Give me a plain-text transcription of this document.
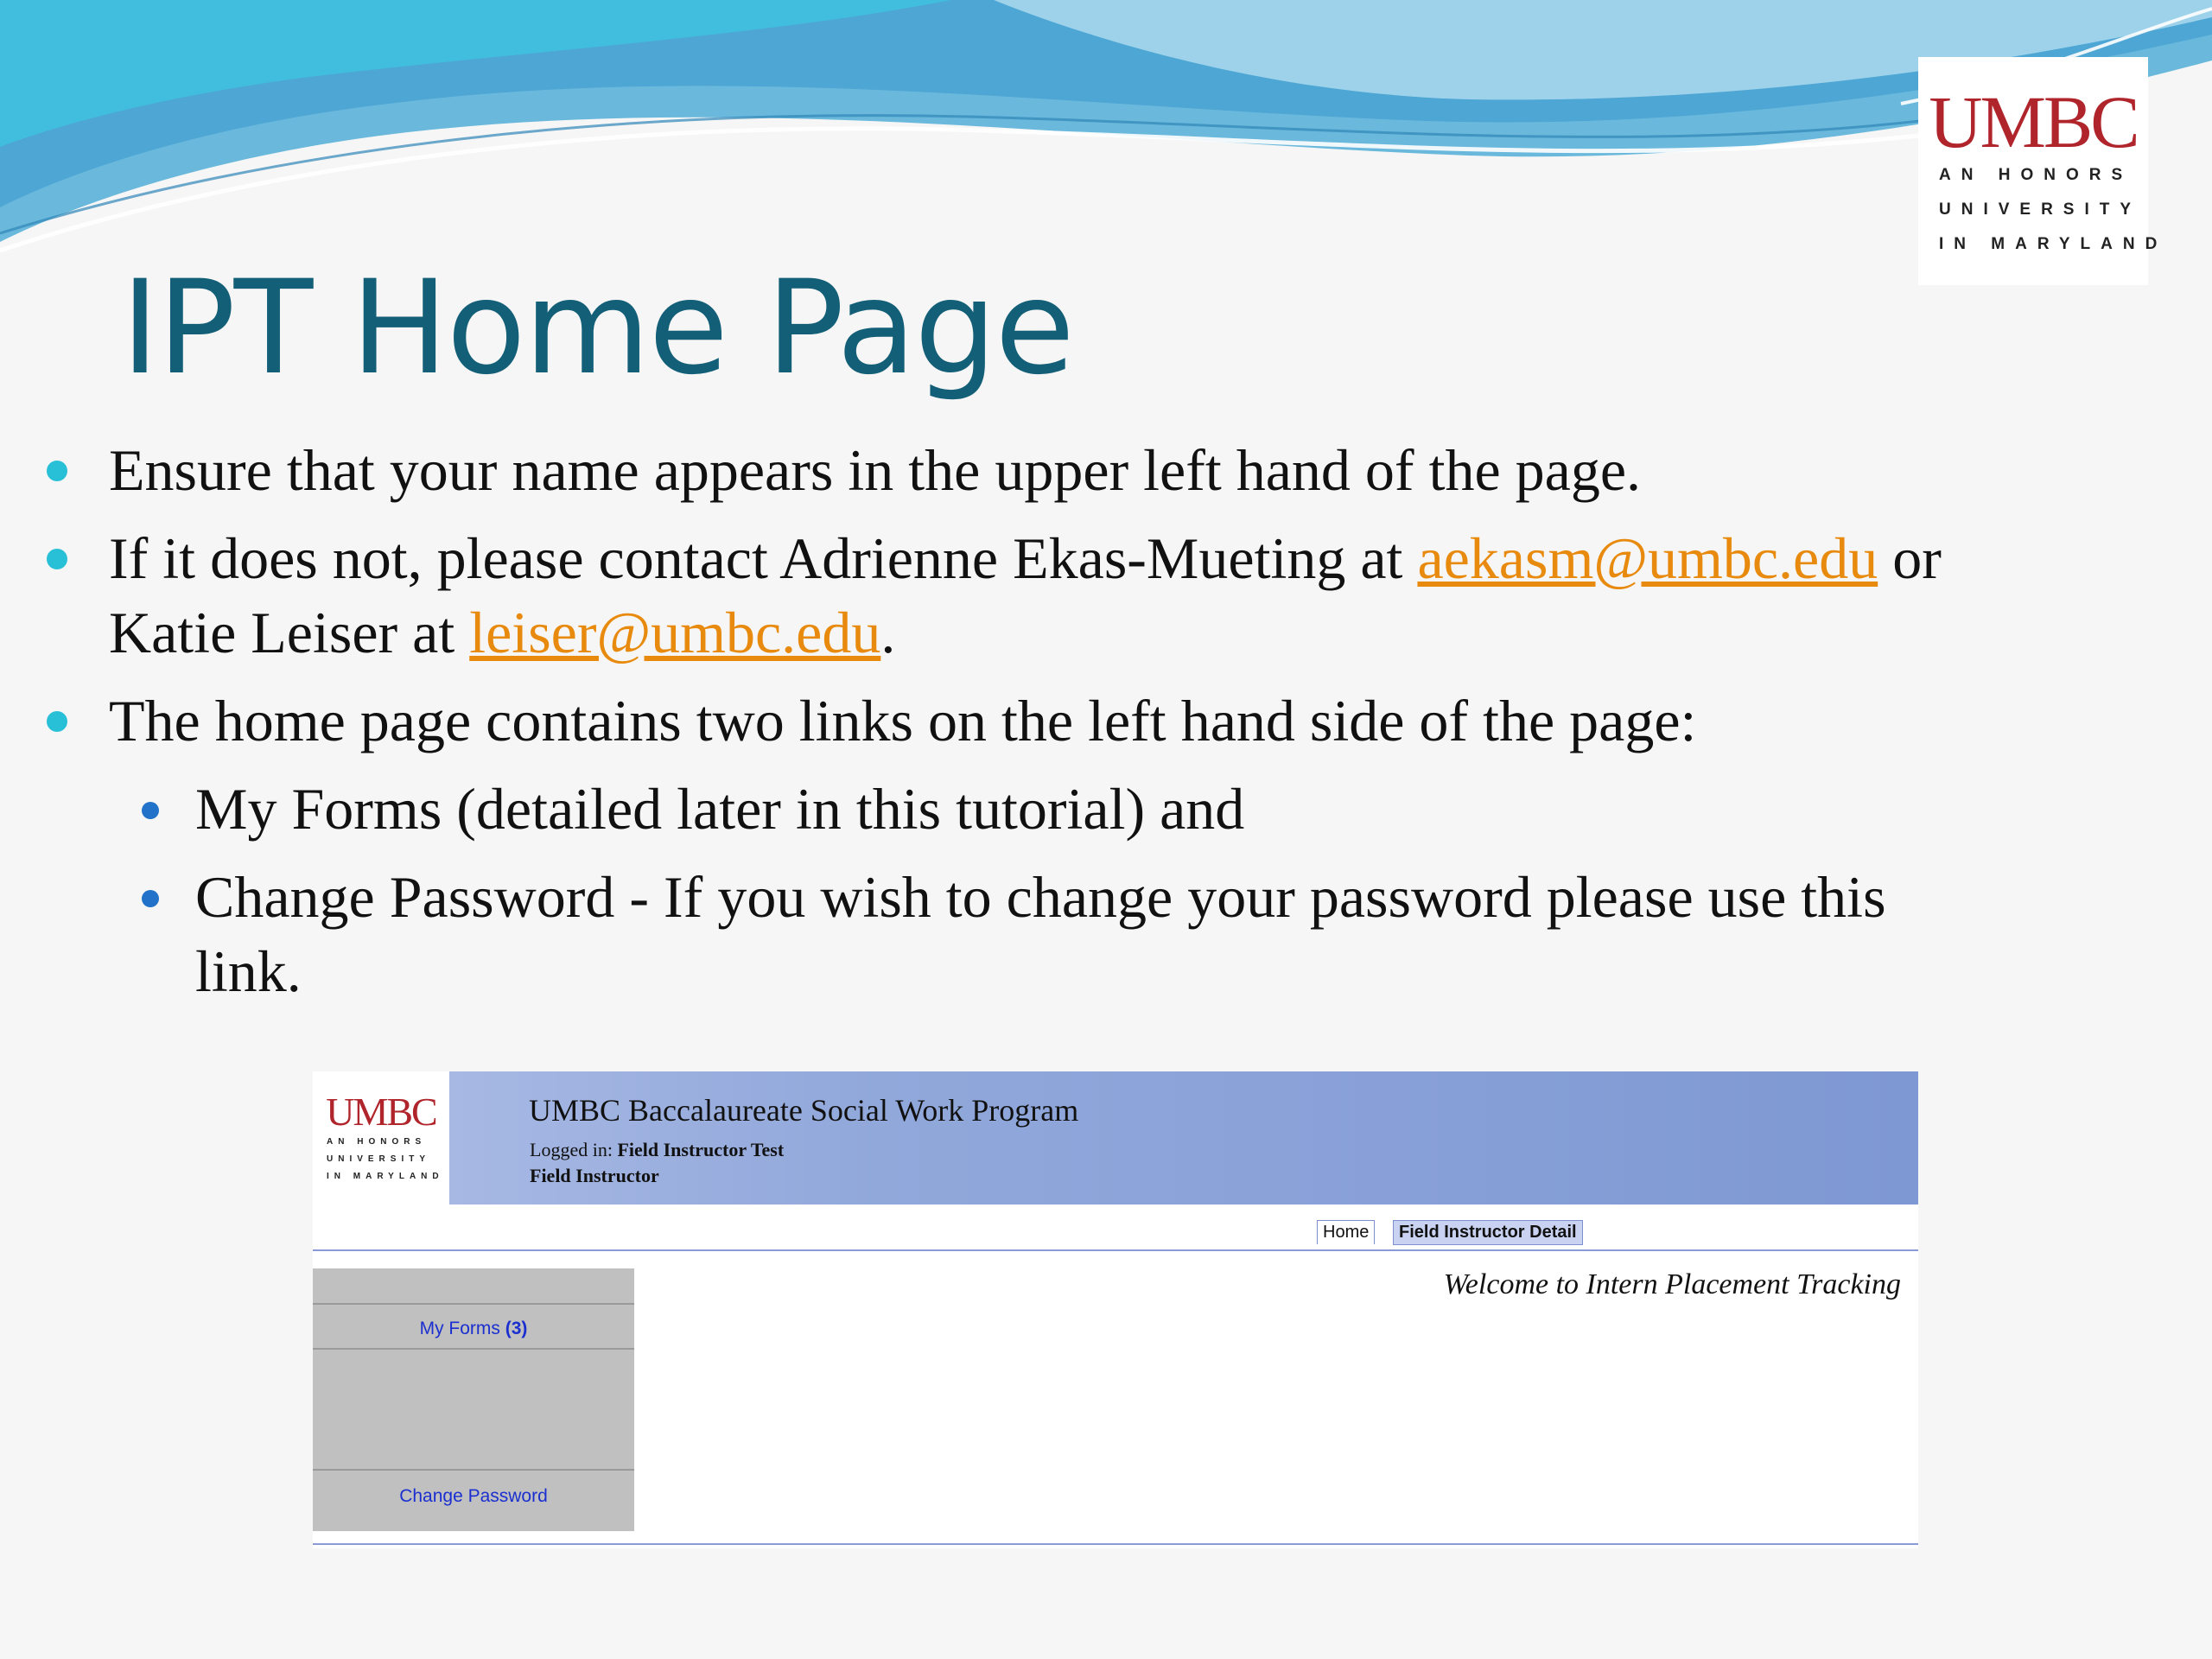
UMBC
AN HONORS
UNIVERSITY
IN MARYLAND
IPT Home Page
Ensure that your name appears in the upper left hand of the page.
If it does not, please contact Adrienne Ekas-Mueting at aekasm@umbc.edu or
Katie Leiser at leiser@umbc.edu.
The home page contains two links on the left hand side of the page:
My Forms (detailed later in this tutorial) and
Change Password - If you wish to change your password please use this
link.
UMBC
AN HONORS
UNIVERSITY
IN MARYLAND
UMBC Baccalaureate Social Work Program
Logged in: Field Instructor Test
Field Instructor
Home	Field Instructor Detail
My Forms (3)
Change Password
Welcome to Intern Placement Tracking
